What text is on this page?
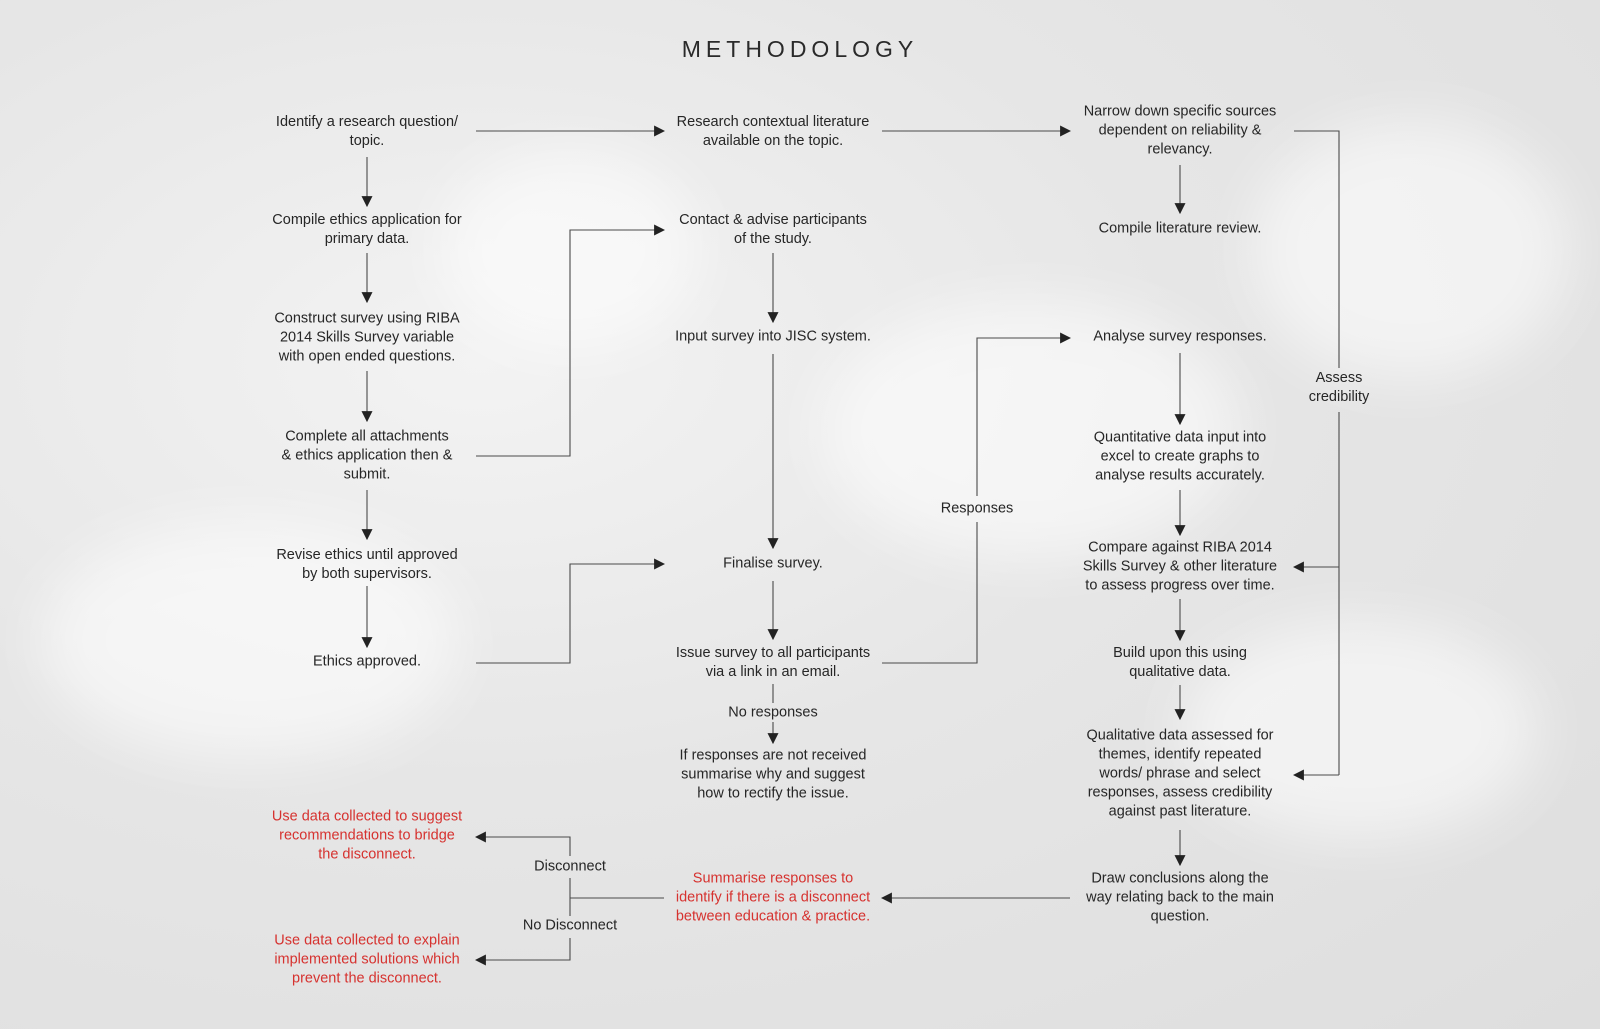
METHODOLOGY
Identify a research question/
topic.
Compile ethics application for
primary data.
Construct survey using RIBA
2014 Skills Survey variable
with open ended questions.
Complete all attachments
& ethics application then &
submit.
Revise ethics until approved
by both supervisors.
Ethics approved.
Use data collected to suggest
recommendations to bridge
the disconnect.
Use data collected to explain
implemented solutions which
prevent the disconnect.
Research contextual literature
available on the topic.
Contact & advise participants
of the study.
Input survey into JISC system.
Finalise survey.
Issue survey to all participants
via a link in an email.
If responses are not received
summarise why and suggest
how to rectify the issue.
Summarise responses to
identify if there is a disconnect
between education & practice.
Narrow down specific sources
dependent on reliability &
relevancy.
Compile literature review.
Analyse survey responses.
Quantitative data input into
excel to create graphs to
analyse results accurately.
Compare against RIBA 2014
Skills Survey & other literature
to assess progress over time.
Build upon this using
qualitative data.
Qualitative data assessed for
themes, identify repeated
words/ phrase and select
responses, assess credibility
against past literature.
Draw conclusions along the
way relating back to the main
question.
No responses
Responses
Assess
credibility
Disconnect
No Disconnect
